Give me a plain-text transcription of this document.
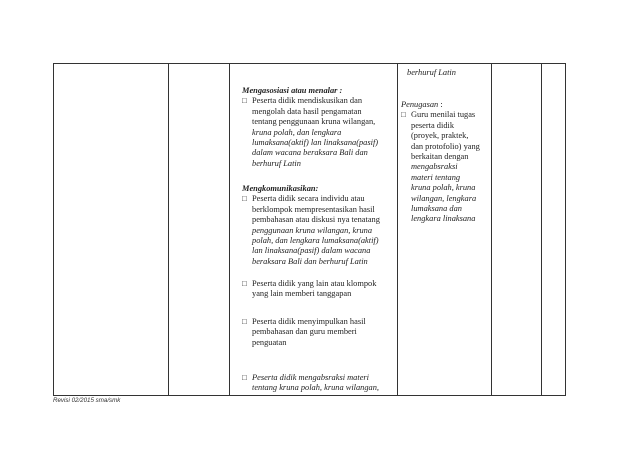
Mengasosiasi atau menalar :
□ Peserta didik mendiskusikan dan
mengolah data hasil pengamatan
tentang penggunaan kruna wilangan,
kruna polah, dan lengkara
lumaksana(aktif) lan linaksana(pasif)
dalam wacana beraksara Bali dan
berhuruf Latin
Mengkomunikasikan:
□ Peserta didik secara individu atau
berklompok mempresentasikan hasil
pembahasan atau diskusi nya tenatang
penggunaan kruna wilangan, kruna
polah, dan lengkara lumaksana(aktif)
lan linaksana(pasif) dalam wacana
beraksara Bali dan berhuruf Latin
□ Peserta didik yang lain atau klompok
yang lain memberi tanggapan
□ Peserta didik menyimpulkan hasil
pembahasan dan guru memberi
penguatan
□ Peserta didik mengabsraksi materi
tentang kruna polah, kruna wilangan,
berhuruf Latin
Penugasan :
□ Guru menilai tugas
peserta didik
(proyek, praktek,
dan protofolio) yang
berkaitan dengan
mengabsraksi
materi tentang
kruna polah, kruna
wilangan, lengkara
lumaksana dan
lengkara linaksana
Revisi 02/2015 sma/smk
